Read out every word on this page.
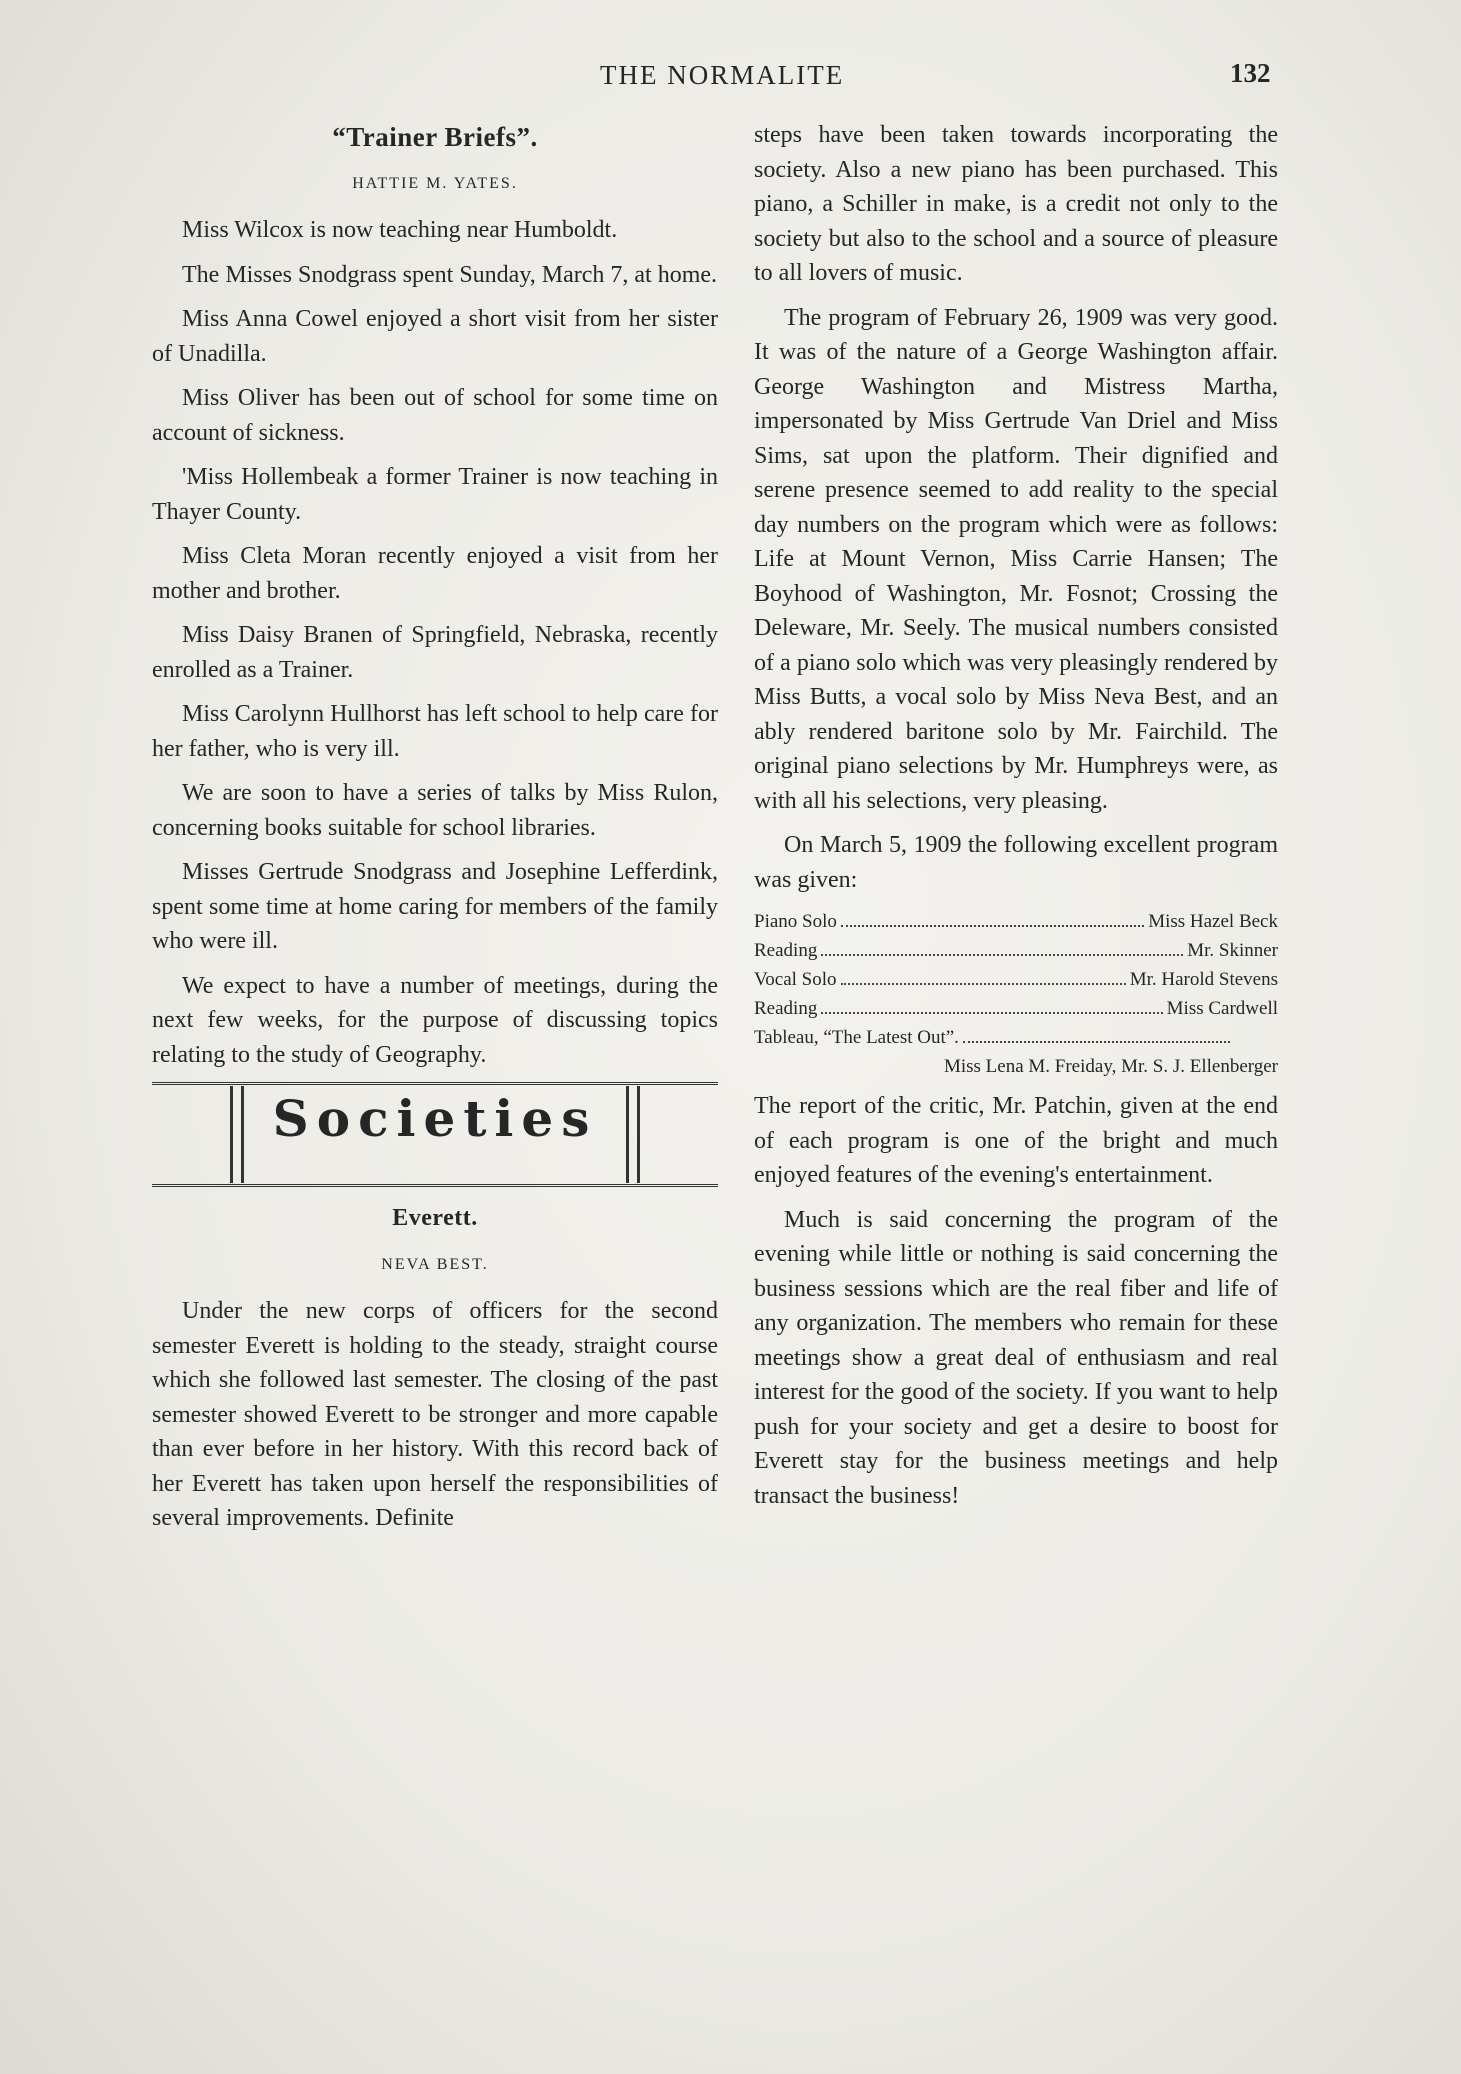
THE NORMALITE	132
“Trainer Briefs”.
HATTIE M. YATES.

Miss Wilcox is now teaching near Humboldt.

The Misses Snodgrass spent Sunday, March 7, at home.

Miss Anna Cowel enjoyed a short visit from her sister of Unadilla.

Miss Oliver has been out of school for some time on account of sickness.

'Miss Hollembeak a former Trainer is now teaching in Thayer County.

Miss Cleta Moran recently enjoyed a visit from her mother and brother.

Miss Daisy Branen of Springfield, Nebraska, recently enrolled as a Trainer.

Miss Carolynn Hullhorst has left school to help care for her father, who is very ill.

We are soon to have a series of talks by Miss Rulon, concerning books suitable for school libraries.

Misses Gertrude Snodgrass and Josephine Lefferdink, spent some time at home caring for members of the family who were ill.

We expect to have a number of meetings, during the next few weeks, for the purpose of discussing topics relating to the study of Geography.

Societies
Everett.
NEVA BEST.

Under the new corps of officers for the second semester Everett is holding to the steady, straight course which she followed last semester. The closing of the past semester showed Everett to be stronger and more capable than ever before in her history. With this record back of her Everett has taken upon herself the responsibilities of several improvements. Definite

steps have been taken towards incorporating the society. Also a new piano has been purchased. This piano, a Schiller in make, is a credit not only to the society but also to the school and a source of pleasure to all lovers of music.

The program of February 26, 1909 was very good. It was of the nature of a George Washington affair. George Washington and Mistress Martha, impersonated by Miss Gertrude Van Driel and Miss Sims, sat upon the platform. Their dignified and serene presence seemed to add reality to the special day numbers on the program which were as follows: Life at Mount Vernon, Miss Carrie Hansen; The Boyhood of Washington, Mr. Fosnot; Crossing the Deleware, Mr. Seely. The musical numbers consisted of a piano solo which was very pleasingly rendered by Miss Butts, a vocal solo by Miss Neva Best, and an ably rendered baritone solo by Mr. Fairchild. The original piano selections by Mr. Humphreys were, as with all his selections, very pleasing.

On March 5, 1909 the following excellent program was given:

Piano Solo	Miss Hazel Beck
Reading	Mr. Skinner
Vocal Solo	Mr. Harold Stevens
Reading	Miss Cardwell
Tableau, “The Latest Out”.
Miss Lena M. Freiday, Mr. S. J. Ellenberger

The report of the critic, Mr. Patchin, given at the end of each program is one of the bright and much enjoyed features of the evening's entertainment.

Much is said concerning the program of the evening while little or nothing is said concerning the business sessions which are the real fiber and life of any organization. The members who remain for these meetings show a great deal of enthusiasm and real interest for the good of the society. If you want to help push for your society and get a desire to boost for Everett stay for the business meetings and help transact the business!
